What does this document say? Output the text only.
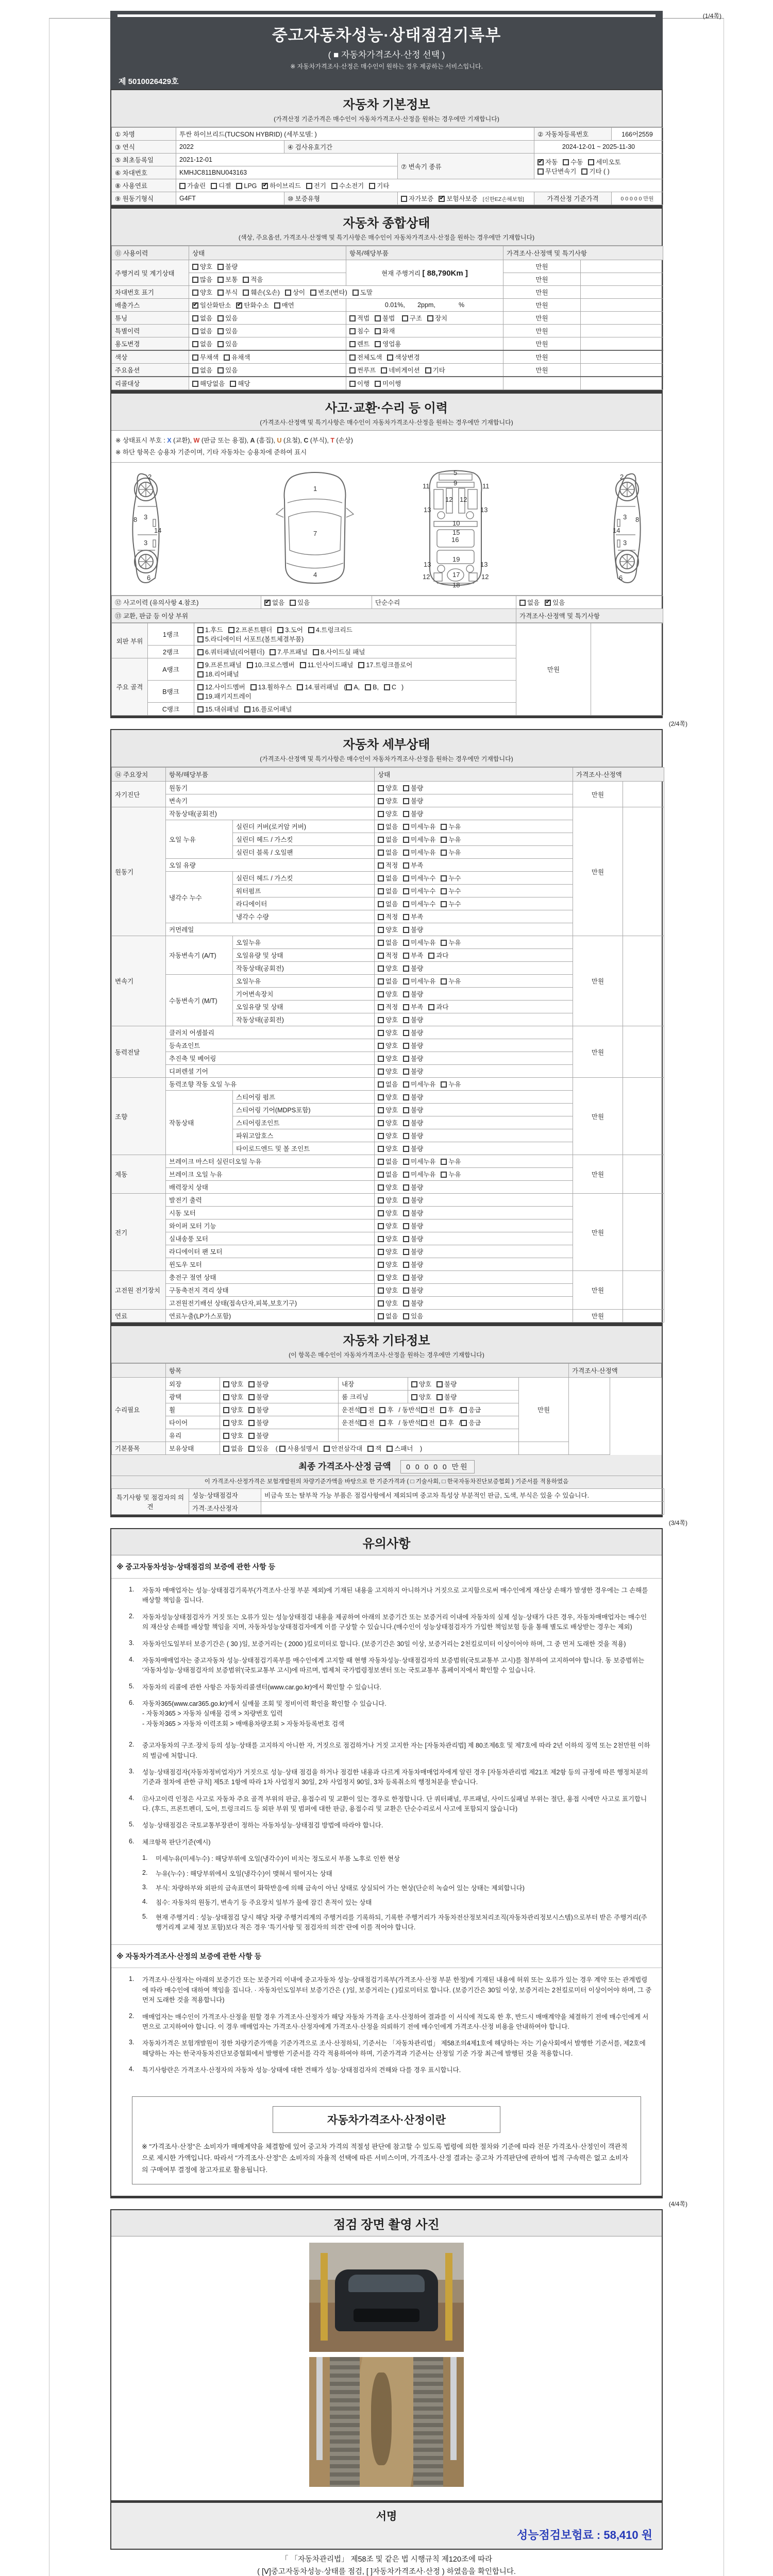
(1/4쪽)
중고자동차성능·상태점검기록부
( ■ 자동차가격조사·산정 선택 )
※ 자동차가격조사·산정은 매수인이 원하는 경우 제공하는 서비스입니다.
제 5010026429호
자동차 기본정보
(가격산정 기준가격은 매수인이 자동차가격조사·산정을 원하는 경우에만 기재합니다)
① 차명	투싼 하이브리드(TUCSON HYBRID) (세부모델: )			② 자동차등록번호	166어2559
③ 연식	2022	④ 검사유효기간		2024-12-01 ~ 2025-11-30	
⑤ 최초등록일	2021-12-01		⑦ 변속기 종류	✔자동 수동 세미오토
무단변속기 기타 ( )
⑥ 차대번호	KMHJC811BNU043163				
⑧ 사용연료	가솔린 디젤 LPG ✔ 하이브리드 전기 수소전기 기타
⑨ 원동기형식	G4FT	⑩ 보증유형	자가보증 ✔ 보험사보증 [신한EZ손해보험]	가격산정 기준가격	0 0 0 0 0 만원
자동차 종합상태
(색상, 주요옵션, 가격조사·산정액 및 특기사항은 매수인이 자동차가격조사·산정을 원하는 경우에만 기재합니다)
⑪ 사용이력	상태	항목/해당부품	가격조사·산정액 및 특기사항	
주행거리 및 계기상태	양호 불량	현재 주행거리 [ 88,790Km ]	만원	
	많음 보통 적음		만원	
차대번호 표기	양호 부식 훼손(오손) 상이 변조(변타) 도말		만원	
배출가스	✔일산화탄소 ✔ 탄화수소 매연	0.01%,       2ppm,             %	만원	
튜닝	없음 있음	적법 불법 구조 장치	만원	
특별이력	없음 있음	침수 화재	만원	
용도변경	없음 있음	렌트 영업용	만원	
색상	무채색 유채색	전체도색 색상변경	만원	
주요옵션	없음 있음	썬루프 네비게이션 기타	만원	
리콜대상	해당없음 해당	이행 미이행		
사고·교환·수리 등 이력
(가격조사·산정액 및 특기사항은 매수인이 자동차가격조사·산정을 원하는 경우에만 기재합니다)
※ 상태표시 부호 : X (교환), W (판금 또는 용접), A (흠집), U (요철), C (부식), T (손상)
※ 하단 항목은 승용차 기준이며, 기타 자동차는 승용차에 준하여 표시
2
8 3
14
3
6
1
7
4
5
9
11	11
13
12 12
13
10
15
16
13
19
13
12	17	12
18
2
8
3
14
3
6
⑫ 사고이력 (유의사항 4.참조)	✔없음 있음	단순수리	없음 ✔ 있음
⑬ 교환, 판금 등 이상 부위			가격조사·산정액 및 특기사항
외판 부위	1랭크	1.후드 2.프론트휀더 3.도어 4.트렁크리드
5.라디에이터 서포트(볼트체결부품)	만원	
	2랭크	6.쿼터패널(리어휀더) 7.루프패널 8.사이드실 패널		
주요 골격	A랭크	9.프론트패널 10.크로스멤버 11.인사이드패널 17.트렁크플로어
18.리어패널		
	B랭크	12.사이드멤버 13.휠하우스 14.필러패널 ( A, B, C )
19.패키지트레이		
	C랭크	15.대쉬패널 16.플로어패널		
(2/4쪽)
자동차 세부상태
(가격조사·산정액 및 특기사항은 매수인이 자동차가격조사·산정을 원하는 경우에만 기재합니다)
⑭ 주요장치	항목/해당부품		상태	가격조사·산정액	
자기진단	원동기		양호 불량	만원	
	변속기		양호 불량		
원동기	작동상태(공회전)		양호 불량	만원	
	오일 누유	실린더 커버(로커암 커버)	없음 미세누유 누유		
		실린더 헤드 / 가스킷	없음 미세누유 누유		
		실린더 블록 / 오일팬	없음 미세누유 누유		
	오일 유량		적정 부족		
	냉각수 누수	실린더 헤드 / 가스킷	없음 미세누수 누수		
		워터펌프	없음 미세누수 누수		
		라디에이터	없음 미세누수 누수		
		냉각수 수량	적정 부족		
	커먼레일		양호 불량		
변속기	자동변속기 (A/T)	오일누유	없음 미세누유 누유	만원	
		오일유량 및 상태	적정 부족 과다		
		작동상태(공회전)	양호 불량		
	수동변속기 (M/T)	오일누유	없음 미세누유 누유		
		기어변속장치	양호 불량		
		오일유량 및 상태	적정 부족 과다		
		작동상태(공회전)	양호 불량		
동력전달	클러치 어셈블리		양호 불량	만원	
	등속죠인트		양호 불량		
	추진축 및 베어링		양호 불량		
	디퍼렌셜 기어		양호 불량		
조향	동력조향 작동 오일 누유		없음 미세누유 누유	만원	
	작동상태	스티어링 펌프	양호 불량		
		스티어링 기어(MDPS포함)	양호 불량		
		스티어링조인트	양호 불량		
		파워고압호스	양호 불량		
		타이로드엔드 및 볼 조인트	양호 불량		
제동	브레이크 마스터 실린더오일 누유		없음 미세누유 누유	만원	
	브레이크 오일 누유		없음 미세누유 누유		
	배력장치 상태		양호 불량		
전기	발전기 출력		양호 불량	만원	
	시동 모터		양호 불량		
	와이퍼 모터 기능		양호 불량		
	실내송풍 모터		양호 불량		
	라디에이터 팬 모터		양호 불량		
	윈도우 모터		양호 불량		
고전원 전기장치	충전구 절연 상태		양호 불량	만원	
	구동축전지 격리 상태		양호 불량		
	고전원전기배선 상태(접속단자,피복,보호기구)		양호 불량		
연료	연료누출(LP가스포함)		없음 있음	만원	
자동차 기타정보
(이 항목은 매수인이 자동차가격조사·산정을 원하는 경우에만 기재합니다)
	항목					가격조사·산정액
수리필요	외장	양호 불량	내장	양호 불량	만원	
	광택	양호 불량	룸 크리닝	양호 불량		
	휠	양호 불량	운전석 전 후 / 동반석 전 후 / 응급			
	타이어	양호 불량	운전석 전 후 / 동반석 전 후 / 응급			
	유리	양호 불량				
기본품목	보유상태	없음 있음 ( 사용설명서 안전삼각대 잭 스패너 )				
최종 가격조사·산정 금액 0 0 0 0 0 만원
이 가격조사·산정가격은 보험개발원의 차량기준가액을 바탕으로 한 기준가격과 ( □ 기술사회, □ 한국자동차진단보증협회 ) 기준서를 적용하였음
특기사항 및 점검자의 의견	성능·상태점검자	비금속 또는 탈부착 가능 부품은 점검사항에서 제외되며 중고차 특성상 부분적인 판금, 도색, 부식은 있을 수 있습니다.
	가격·조사산정자	
(3/4쪽)
유의사항
※ 중고자동차성능·상태점검의 보증에 관한 사항 등
1.	자동차 매매업자는 성능·상태점검기록부(가격조사·산정 부분 제외)에 기재된 내용을 고지하지 아니하거나 거짓으로 고지함으로써 매수인에게 재산상 손해가 발생한 경우에는 그 손해를 배상할 책임을 집니다.
2.	자동차성능상태점검자가 거짓 또는 오류가 있는 성능상태점검 내용을 제공하여 아래의 보증기간 또는 보증거리 이내에 자동차의 실제 성능·상태가 다른 경우, 자동차매매업자는 매수인의 재산상 손해를 배상할 책임을 지며, 자동차성능상태점검자에게 이를 구상할 수 있습니다.(매수인이 성능상태점검자가 가입한 책임보험 등을 통해 별도로 배상받는 경우는 제외)
3.	자동차인도일부터 보증기간은 ( 30 )일, 보증거리는 ( 2000 )킬로미터로 합니다. (보증기간은 30일 이상, 보증거리는 2천킬로미터 이상이어야 하며, 그 중 먼저 도래한 것을 적용)
4.	자동차매매업자는 중고자동차 성능·상태점검기록부를 매수인에게 고지할 때 현행 자동차성능·상태점검자의 보증범위(국토교통부 고시)를 첨부하여 고지하여야 합니다. 동 보증범위는 '자동차성능·상태점검자의 보증범위'(국토교통부 고시)에 따르며, 법제처 국가법령정보센터 또는 국토교통부 홈페이지에서 확인할 수 있습니다.
5.	자동차의 리콜에 관한 사항은 자동차리콜센터(www.car.go.kr)에서 확인할 수 있습니다.
6.	자동차365(www.car365.go.kr)에서 실매물 조회 및 정비이력 확인을 확인할 수 있습니다.
- 자동차365 > 자동차 실매물 검색 > 차량번호 입력
- 자동차365 > 자동차 이력조회 > 매매용차량조회 > 자동차등록번호 검색
2.	중고자동차의 구조·장치 등의 성능·상태를 고지하지 아니한 자, 거짓으로 점검하거나 거짓 고지한 자는 [자동차관리법] 제 80조제6호 및 제7호에 따라 2년 이하의 징역 또는 2천만원 이하의 벌금에 처합니다.
3.	성능·상태점검자(자동차정비업자)가 거짓으로 성능·상태 점검을 하거나 점검한 내용과 다르게 자동차매매업자에게 알린 경우 [자동차관리법 제21조 제2항 등의 규정에 따른 행정처분의 기준과 절차에 관한 규칙] 제5조 1항에 따라 1차 사업정지 30일, 2차 사업정지 90일, 3차 등록취소의 행정처분을 받습니다.
4.	⑫사고이력 인정은 사고로 자동차 주요 골격 부위의 판금, 용접수리 및 교환이 있는 경우로 한정합니다. 단 쿼터패널, 루프패널, 사이드실패널 부위는 절단, 용접 시에만 사고로 표기합니다. (후드, 프론트펜더, 도어, 트렁크리드 등 외판 부위 및 범퍼에 대한 판금, 용접수리 및 교환은 단순수리로서 사고에 포함되지 않습니다)
5.	성능·상태점검은 국토교통부장관이 정하는 자동차성능·상태점검 방법에 따라야 합니다.
6.	체크항목 판단기준(예시)
1.	미세누유(미세누수) : 해당부위에 오일(냉각수)이 비치는 정도로서 부품 노후로 인한 현상
2.	누유(누수) : 해당부위에서 오일(냉각수)이 맺혀서 떨어지는 상태
3.	부식: 차량하부와 외판의 금속표면이 화학반응에 의해 금속이 아닌 상태로 상실되어 가는 현상(단순히 녹슬어 있는 상태는 제외합니다)
4.	침수: 자동차의 원동기, 변속기 등 주요장치 일부가 물에 잠긴 흔적이 있는 상태
5.	현재 주행거리 : 성능·상태점검 당시 해당 차량 주행거리계의 주행거리를 기록하되, 기록한 주행거리가 자동차전산정보처리조직(자동차관리정보시스템)으로부터 받은 주행거리(주행거리계 교체 정보 포함)보다 적은 경우 '특기사항 및 점검자의 의견' 란에 이를 적어야 합니다.
※ 자동차가격조사·산정의 보증에 관한 사항 등
1.	가격조사·산정자는 아래의 보증기간 또는 보증거리 이내에 중고자동차 성능·상태점검기록부(가격조사·산정 부분 한정)에 기재된 내용에 허위 또는 오류가 있는 경우 계약 또는 관계법령에 따라 매수인에 대하여 책임을 집니다. · 자동차인도일부터 보증기간은 ( )일, 보증거리는 ( )킬로미터로 합니다. (보증기간은 30일 이상, 보증거리는 2천킬로미터 이상이어야 하며, 그 중 먼저 도래한 것을 적용합니다)
2.	매매업자는 매수인이 가격조사·산정을 원할 경우 가격조사·산정자가 해당 자동차 가격을 조사·산정하여 결과를 이 서식에 적도록 한 후, 반드시 매매계약을 체결하기 전에 매수인에게 서면으로 고지하여야 합니다. 이 경우 매매업자는 가격조사·산정자에게 가격조사·산정을 의뢰하기 전에 매수인에게 가격조사·산정 비용을 안내하여야 합니다.
3.	자동차가격은 보험개발원이 정한 차량기준가액을 기준가격으로 조사·산정하되, 기준서는 「자동차관리법」 제58조의4제1호에 해당하는 자는 기술사회에서 발행한 기준서를, 제2호에 해당하는 자는 한국자동차진단보증협회에서 발행한 기준서를 각각 적용하여야 하며, 기준가격과 기준서는 산정일 기준 가장 최근에 발행된 것을 적용합니다.
4.	특기사항란은 가격조사·산정자의 자동차 성능·상태에 대한 견해가 성능·상태점검자의 견해와 다를 경우 표시합니다.
자동차가격조사·산정이란
※ "가격조사·산정"은 소비자가 매매계약을 체결함에 있어 중고차 가격의 적절성 판단에 참고할 수 있도록 법령에 의한 절차와 기준에 따라 전문 가격조사·산정인이 객관적으로 제시한 가액입니다. 따라서 "가격조사·산정"은 소비자의 자율적 선택에 따른 서비스이며, 가격조사·산정 결과는 중고차 가격판단에 관하여 법적 구속력은 없고 소비자의 구매여부 결정에 참고자료로 활용됩니다.
(4/4쪽)
점검 장면 촬영 사진
서명
성능점검보험료 : 58,410 원
「 「자동차관리법」 제58조 및 같은 법 시행규칙 제120조에 따라
( [Ⅴ]중고자동차성능·상태를 점검, [ ]자동차가격조사·산정 ) 하였음을 확인합니다.
